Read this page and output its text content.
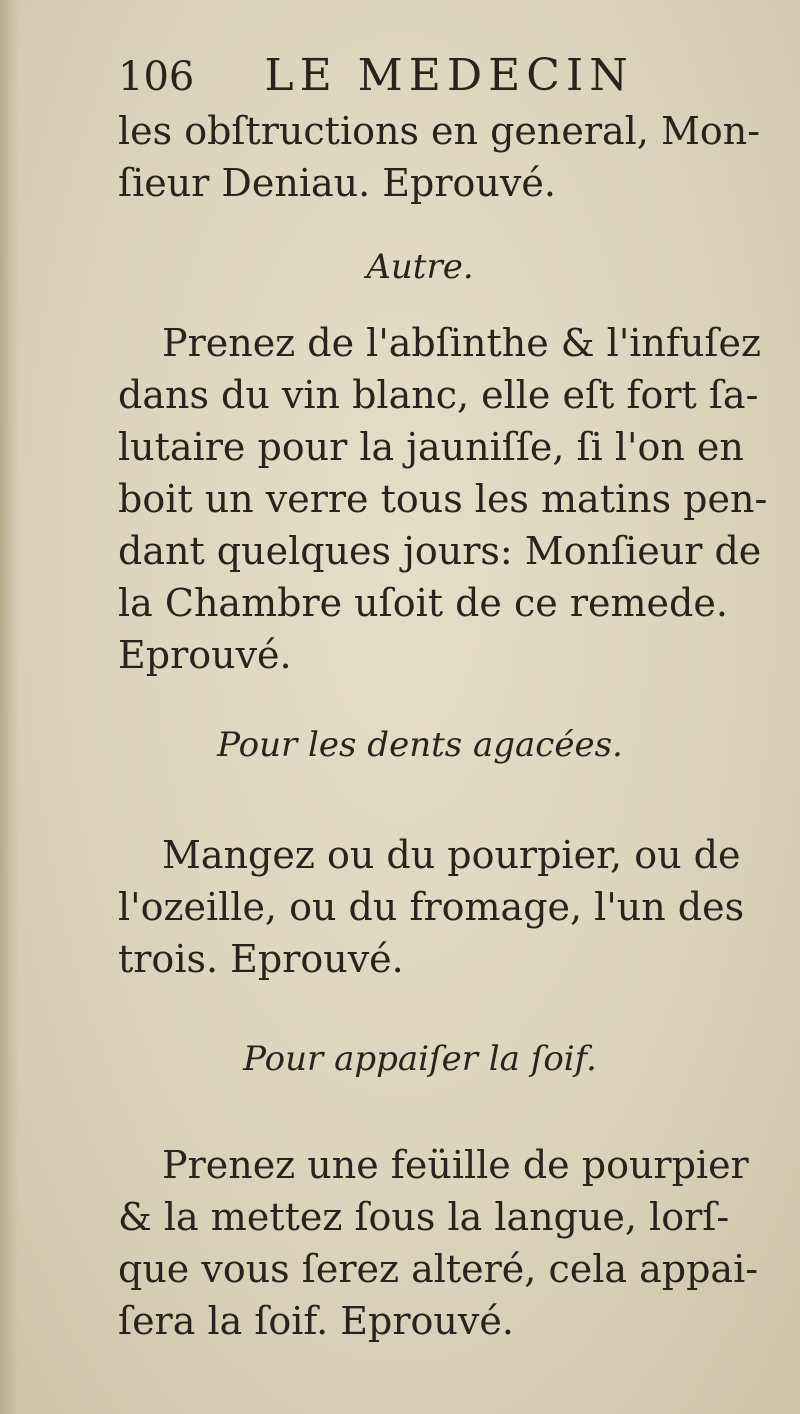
106 LE MEDECIN
les obſtructions en general, Mon-
ſieur Deniau. Eprouvé.
Autre.
Prenez de l'abſinthe & l'infuſez
dans du vin blanc, elle eſt fort ſa-
lutaire pour la jauniſſe, ſi l'on en
boit un verre tous les matins pen-
dant quelques jours: Monſieur de
la Chambre uſoit de ce remede.
Eprouvé.
Pour les dents agacées.
Mangez ou du pourpier, ou de
l'ozeille, ou du fromage, l'un des
trois. Eprouvé.
Pour appaiſer la ſoif.
Prenez une feüille de pourpier
& la mettez ſous la langue, lorſ-
que vous ſerez alteré, cela appai-
ſera la ſoif. Eprouvé.
